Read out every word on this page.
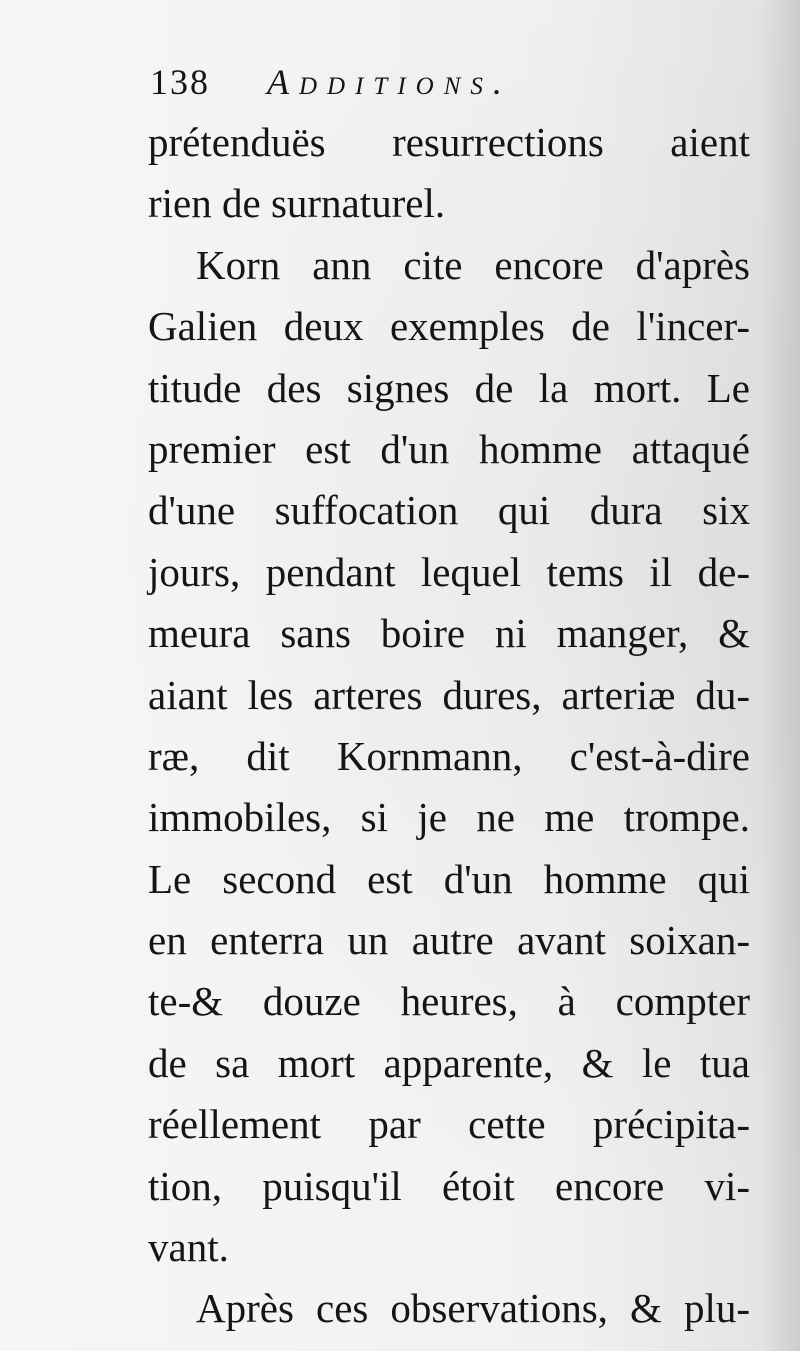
138 Additions.
prétenduës resurrections aient
rien de surnaturel.
Korn ann cite encore d'après
Galien deux exemples de l'incer-
titude des signes de la mort. Le
premier est d'un homme attaqué
d'une suffocation qui dura six
jours, pendant lequel tems il de-
meura sans boire ni manger, &
aiant les arteres dures, arteriæ du-
ræ, dit Kornmann, c'est-à-dire
immobiles, si je ne me trompe.
Le second est d'un homme qui
en enterra un autre avant soixan-
te-& douze heures, à compter
de sa mort apparente, & le tua
réellement par cette précipita-
tion, puisqu'il étoit encore vi-
vant.
Après ces observations, & plu-
